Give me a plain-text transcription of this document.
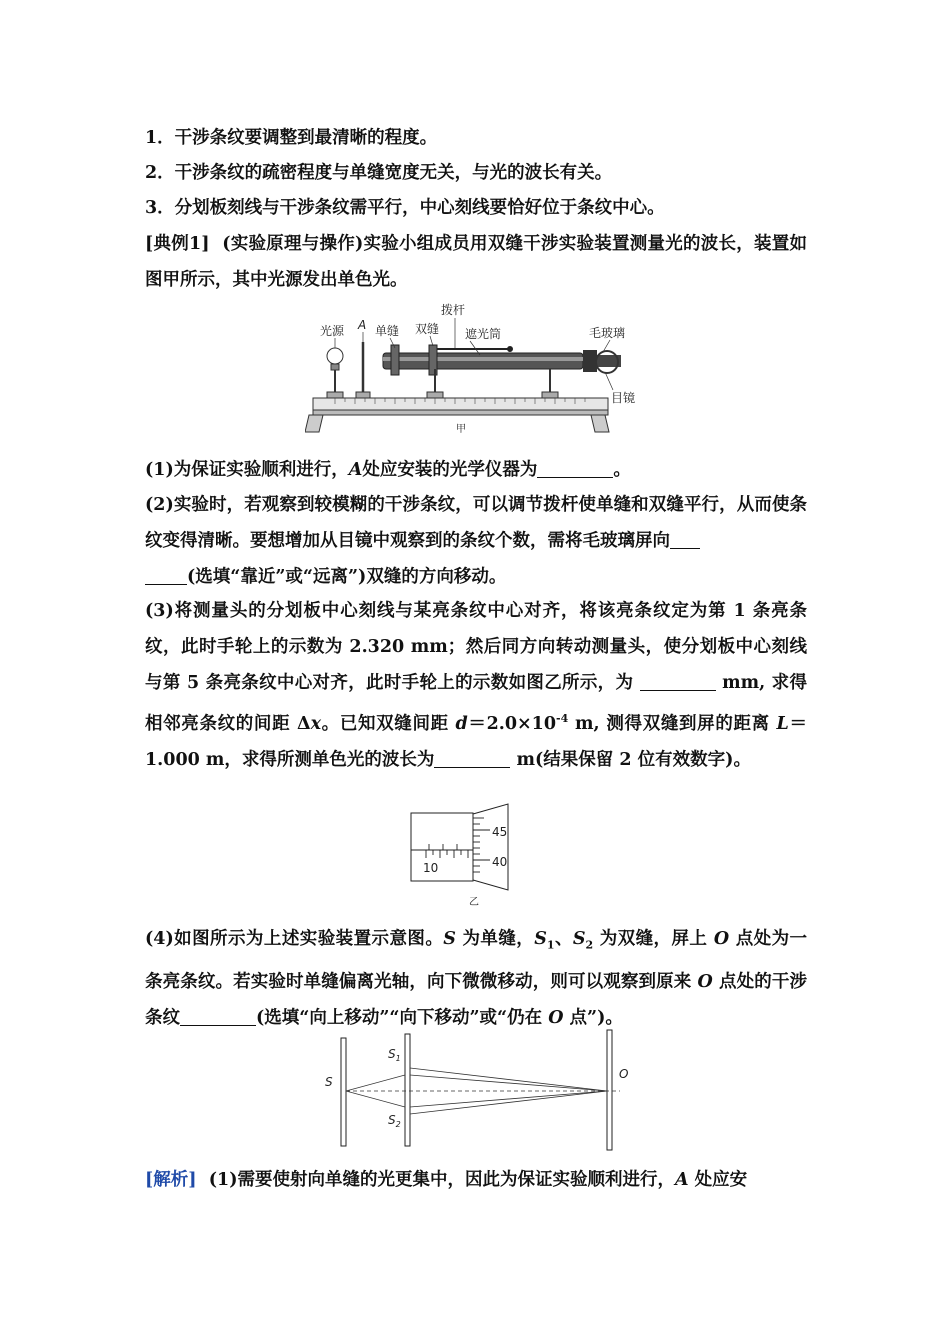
1．干涉条纹要调整到最清晰的程度。

2．干涉条纹的疏密程度与单缝宽度无关，与光的波长有关。

3．分划板刻线与干涉条纹需平行，中心刻线要恰好位于条纹中心。

[典例1] (实验原理与操作)实验小组成员用双缝干涉实验装置测量光的波长，装置如图甲所示，其中光源发出单色光。

光源 A 单缝 双缝
拨杆
遮光筒	毛玻璃
目镜
甲

(1)为保证实验顺利进行，A处应安装的光学仪器为	。

(2)实验时，若观察到较模糊的干涉条纹，可以调节拨杆使单缝和双缝平行，从而使条纹变得清晰。要想增加从目镜中观察到的条纹个数，需将毛玻璃屏向
(选填“靠近”或“远离”)双缝的方向移动。

(3)将测量头的分划板中心刻线与某亮条纹中心对齐，将该亮条纹定为第 1 条亮条纹，此时手轮上的示数为 2.320 mm；然后同方向转动测量头，使分划板中心刻线与第 5 条亮条纹中心对齐，此时手轮上的示数如图乙所示，为	mm, 求得相邻亮条纹的间距 Δx。已知双缝间距 $d=2.0\times 10^{-4}$ m, 测得双缝到屏的距离 L＝1.000 m，求得所测单色光的波长为	m(结果保留 2 位有效数字)。

45
40
10
乙

(4)如图所示为上述实验装置示意图。S 为单缝，$S_1$、$S_2$ 为双缝，屏上 O 点处为一条亮条纹。若实验时单缝偏离光轴，向下微微移动，则可以观察到原来 O 点处的干涉条纹	(选填“向上移动”“向下移动”或“仍在 O 点”)。

S
$S_1$
$S_2$
O

[解析] (1)需要使射向单缝的光更集中，因此为保证实验顺利进行，A 处应安
